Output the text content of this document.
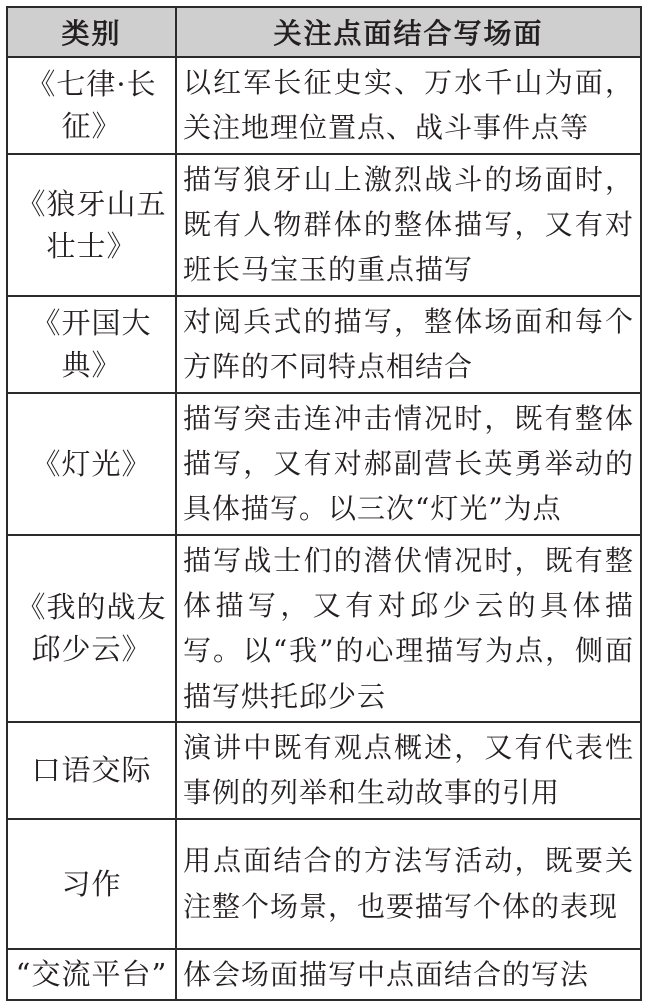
类别	关注点面结合写场面
《七律·长征》	以红军长征史实、万水千山为面，关注地理位置点、战斗事件点等
《狼牙山五壮士》	描写狼牙山上激烈战斗的场面时，既有人物群体的整体描写，又有对班长马宝玉的重点描写
《开国大典》	对阅兵式的描写，整体场面和每个方阵的不同特点相结合
《灯光》	描写突击连冲击情况时，既有整体描写，又有对郝副营长英勇举动的具体描写。以三次“灯光”为点
《我的战友邱少云》	描写战士们的潜伏情况时，既有整体描写，又有对邱少云的具体描写。以“我”的心理描写为点，侧面描写烘托邱少云
口语交际	演讲中既有观点概述，又有代表性事例的列举和生动故事的引用
习作	用点面结合的方法写活动，既要关注整个场景，也要描写个体的表现
“交流平台”	体会场面描写中点面结合的写法
